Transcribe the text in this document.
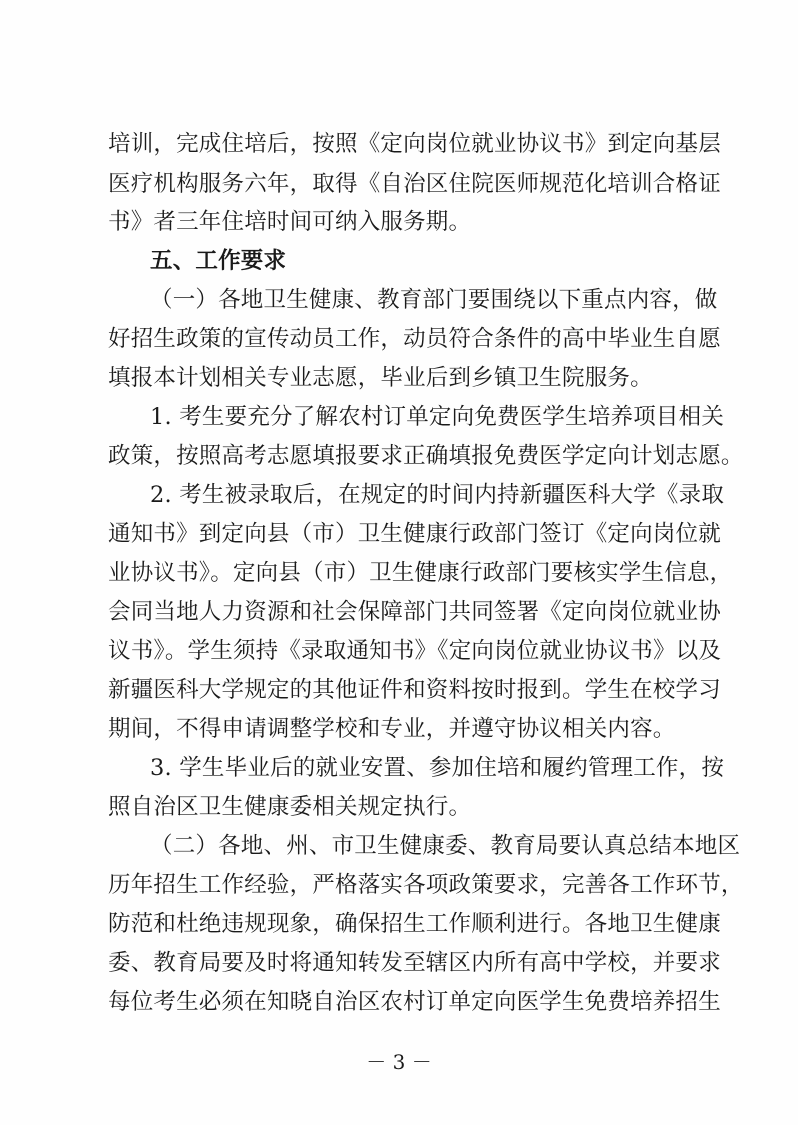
培训，完成住培后，按照《定向岗位就业协议书》到定向基层
医疗机构服务六年，取得《自治区住院医师规范化培训合格证
书》者三年住培时间可纳入服务期。
五、工作要求
（一）各地卫生健康、教育部门要围绕以下重点内容，做
好招生政策的宣传动员工作，动员符合条件的高中毕业生自愿
填报本计划相关专业志愿，毕业后到乡镇卫生院服务。
1. 考生要充分了解农村订单定向免费医学生培养项目相关
政策，按照高考志愿填报要求正确填报免费医学定向计划志愿。
2. 考生被录取后，在规定的时间内持新疆医科大学《录取
通知书》到定向县（市）卫生健康行政部门签订《定向岗位就
业协议书》。定向县（市）卫生健康行政部门要核实学生信息，
会同当地人力资源和社会保障部门共同签署《定向岗位就业协
议书》。学生须持《录取通知书》《定向岗位就业协议书》以及
新疆医科大学规定的其他证件和资料按时报到。学生在校学习
期间，不得申请调整学校和专业，并遵守协议相关内容。
3. 学生毕业后的就业安置、参加住培和履约管理工作，按
照自治区卫生健康委相关规定执行。
（二）各地、州、市卫生健康委、教育局要认真总结本地区
历年招生工作经验，严格落实各项政策要求，完善各工作环节，
防范和杜绝违规现象，确保招生工作顺利进行。各地卫生健康
委、教育局要及时将通知转发至辖区内所有高中学校，并要求
每位考生必须在知晓自治区农村订单定向医学生免费培养招生
－ 3 －
